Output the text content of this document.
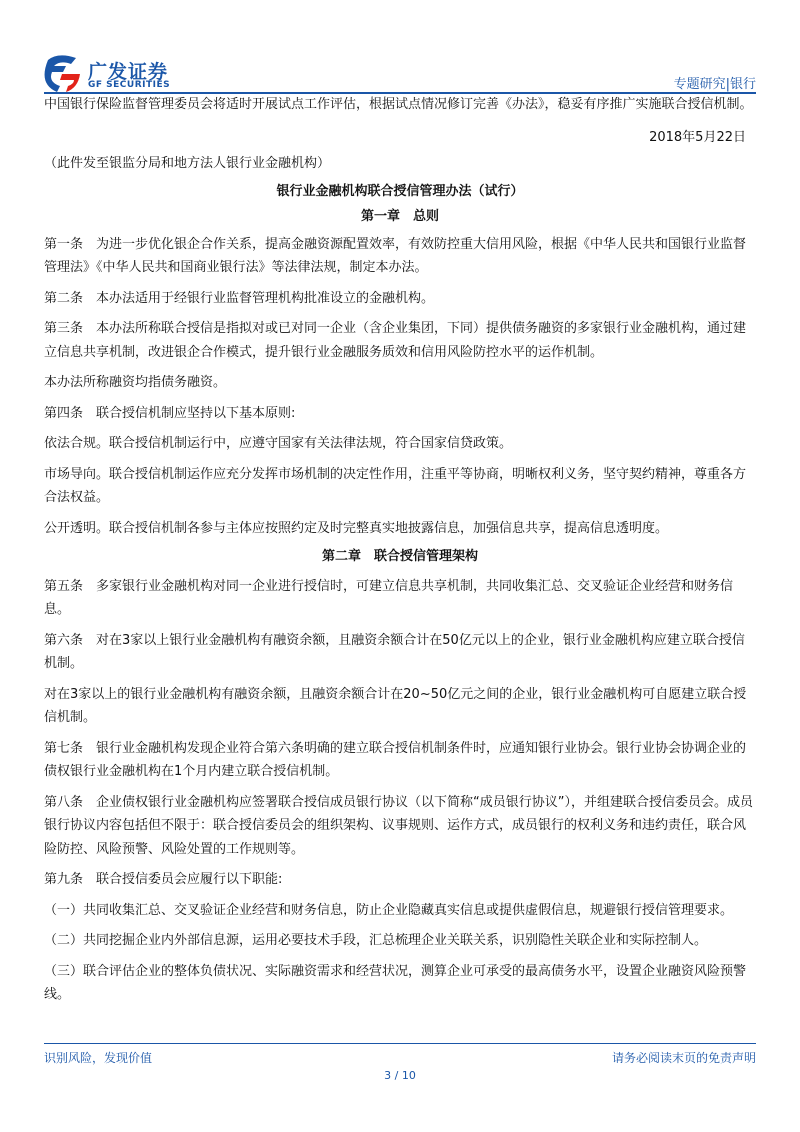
广发证券
GF SECURITIES	专题研究|银行

中国银行保险监督管理委员会将适时开展试点工作评估，根据试点情况修订完善《办法》，稳妥有序推广实施联合授信机制。

2018年5月22日

（此件发至银监分局和地方法人银行业金融机构）

银行业金融机构联合授信管理办法（试行）

第一章　总则

第一条　为进一步优化银企合作关系，提高金融资源配置效率，有效防控重大信用风险，根据《中华人民共和国银行业监督管理法》《中华人民共和国商业银行法》等法律法规，制定本办法。

第二条　本办法适用于经银行业监督管理机构批准设立的金融机构。

第三条　本办法所称联合授信是指拟对或已对同一企业（含企业集团，下同）提供债务融资的多家银行业金融机构，通过建立信息共享机制，改进银企合作模式，提升银行业金融服务质效和信用风险防控水平的运作机制。

本办法所称融资均指债务融资。

第四条　联合授信机制应坚持以下基本原则:

依法合规。联合授信机制运行中，应遵守国家有关法律法规，符合国家信贷政策。

市场导向。联合授信机制运作应充分发挥市场机制的决定性作用，注重平等协商，明晰权利义务，坚守契约精神，尊重各方合法权益。

公开透明。联合授信机制各参与主体应按照约定及时完整真实地披露信息，加强信息共享，提高信息透明度。

第二章　联合授信管理架构

第五条　多家银行业金融机构对同一企业进行授信时，可建立信息共享机制，共同收集汇总、交叉验证企业经营和财务信息。

第六条　对在3家以上银行业金融机构有融资余额，且融资余额合计在50亿元以上的企业，银行业金融机构应建立联合授信机制。

对在3家以上的银行业金融机构有融资余额，且融资余额合计在20~50亿元之间的企业，银行业金融机构可自愿建立联合授信机制。

第七条　银行业金融机构发现企业符合第六条明确的建立联合授信机制条件时，应通知银行业协会。银行业协会协调企业的债权银行业金融机构在1个月内建立联合授信机制。

第八条　企业债权银行业金融机构应签署联合授信成员银行协议（以下简称“成员银行协议”），并组建联合授信委员会。成员银行协议内容包括但不限于：联合授信委员会的组织架构、议事规则、运作方式，成员银行的权利义务和违约责任，联合风险防控、风险预警、风险处置的工作规则等。

第九条　联合授信委员会应履行以下职能:

（一）共同收集汇总、交叉验证企业经营和财务信息，防止企业隐藏真实信息或提供虚假信息，规避银行授信管理要求。

（二）共同挖掘企业内外部信息源，运用必要技术手段，汇总梳理企业关联关系，识别隐性关联企业和实际控制人。

（三）联合评估企业的整体负债状况、实际融资需求和经营状况，测算企业可承受的最高债务水平，设置企业融资风险预警线。

识别风险，发现价值	请务必阅读末页的免责声明
3 / 10
